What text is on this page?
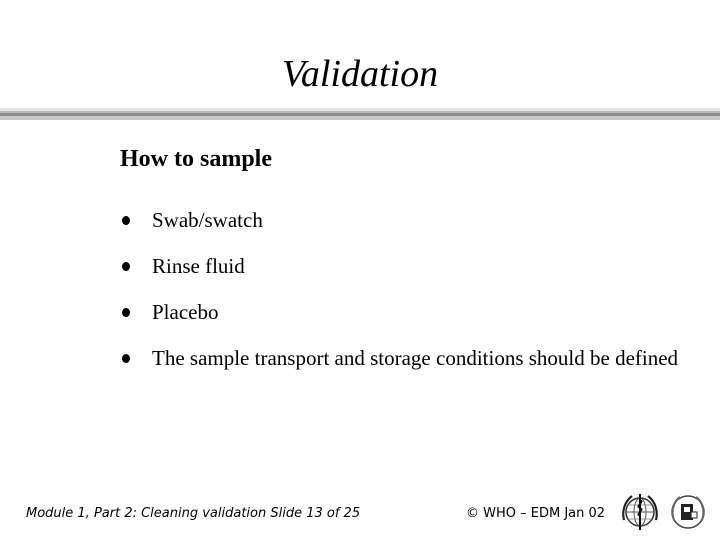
Validation
How to sample
Swab/swatch
Rinse fluid
Placebo
The sample transport and storage conditions should be defined
Module 1, Part 2: Cleaning validation Slide 13 of 25	© WHO – EDM Jan 02
